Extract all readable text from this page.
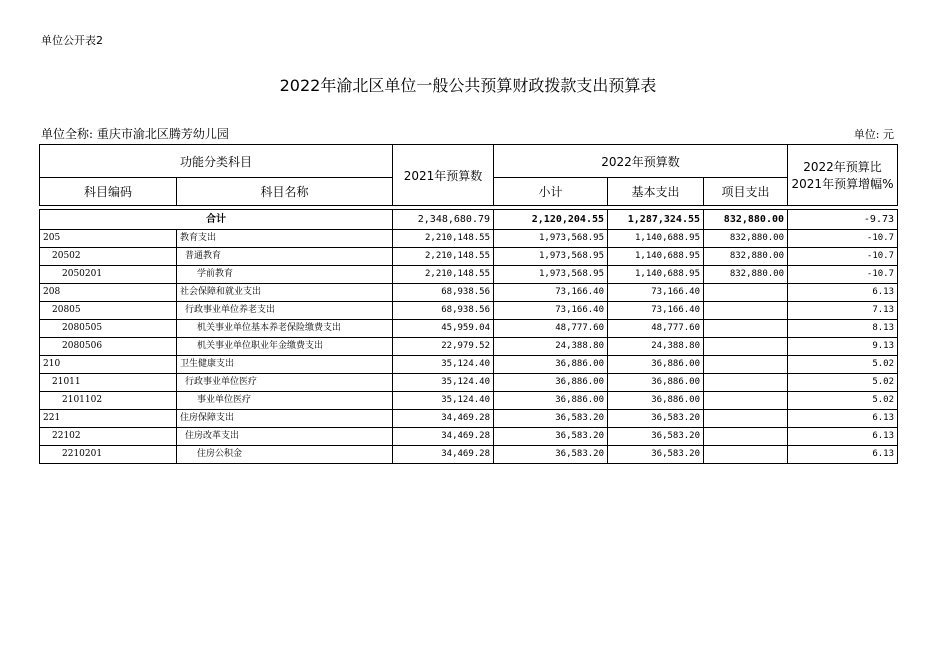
单位公开表2
2022年渝北区单位一般公共预算财政拨款支出预算表
单位全称: 重庆市渝北区腾芳幼儿园	单位: 元
功能分类科目		2021年预算数	2022年预算数			2022年预算比
2021年预算增幅%

科目编码	科目名称		小计	基本支出	项目支出	

合计		2,348,680.79	2,120,204.55	1,287,324.55	832,880.00	-9.73
205	教育支出	2,210,148.55	1,973,568.95	1,140,688.95	832,880.00	-10.7
20502	普通教育	2,210,148.55	1,973,568.95	1,140,688.95	832,880.00	-10.7
2050201	学前教育	2,210,148.55	1,973,568.95	1,140,688.95	832,880.00	-10.7
208	社会保障和就业支出	68,938.56	73,166.40	73,166.40		6.13
20805	行政事业单位养老支出	68,938.56	73,166.40	73,166.40		7.13
2080505	机关事业单位基本养老保险缴费支出	45,959.04	48,777.60	48,777.60		8.13
2080506	机关事业单位职业年金缴费支出	22,979.52	24,388.80	24,388.80		9.13
210	卫生健康支出	35,124.40	36,886.00	36,886.00		5.02
21011	行政事业单位医疗	35,124.40	36,886.00	36,886.00		5.02
2101102	事业单位医疗	35,124.40	36,886.00	36,886.00		5.02
221	住房保障支出	34,469.28	36,583.20	36,583.20		6.13
22102	住房改革支出	34,469.28	36,583.20	36,583.20		6.13
2210201	住房公积金	34,469.28	36,583.20	36,583.20		6.13
